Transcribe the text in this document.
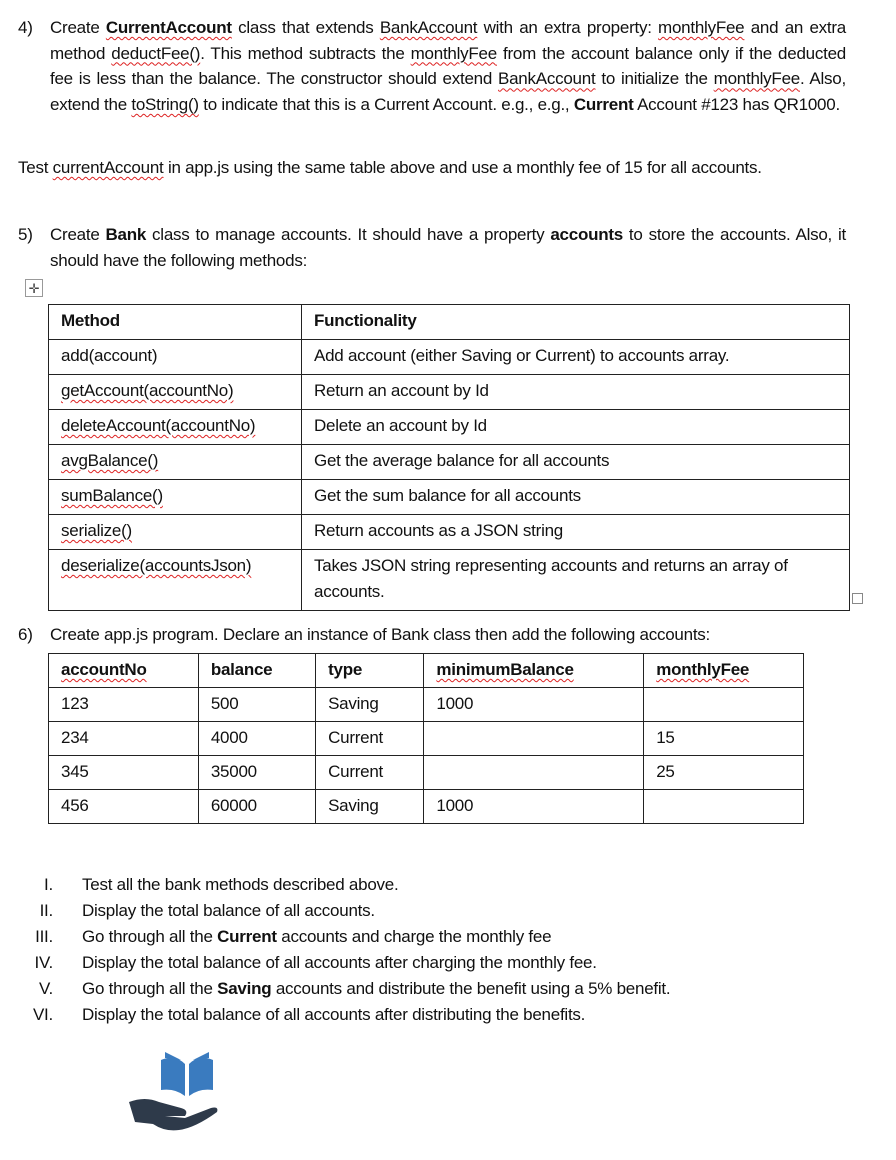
4) Create CurrentAccount class that extends BankAccount with an extra property: monthlyFee and an extra method deductFee(). This method subtracts the monthlyFee from the account balance only if the deducted fee is less than the balance. The constructor should extend BankAccount to initialize the monthlyFee. Also, extend the toString() to indicate that this is a Current Account. e.g., e.g., Current Account #123 has QR1000.
Test currentAccount in app.js using the same table above and use a monthly fee of 15 for all accounts.
5) Create Bank class to manage accounts. It should have a property accounts to store the accounts. Also, it should have the following methods:
✛
Method	Functionality
add(account)	Add account (either Saving or Current) to accounts array.
getAccount(accountNo)	Return an account by Id
deleteAccount(accountNo)	Delete an account by Id
avgBalance()	Get the average balance for all accounts
sumBalance()	Get the sum balance for all accounts
serialize()	Return accounts as a JSON string
deserialize(accountsJson)	Takes JSON string representing accounts and returns an array of accounts.
6) Create app.js program. Declare an instance of Bank class then add the following accounts:
accountNo	balance	type	minimumBalance	monthlyFee
123	500	Saving	1000	
234	4000	Current		15
345	35000	Current		25
456	60000	Saving	1000	
I. Test all the bank methods described above.
II. Display the total balance of all accounts.
III. Go through all the Current accounts and charge the monthly fee
IV. Display the total balance of all accounts after charging the monthly fee.
V. Go through all the Saving accounts and distribute the benefit using a 5% benefit.
VI. Display the total balance of all accounts after distributing the benefits.
